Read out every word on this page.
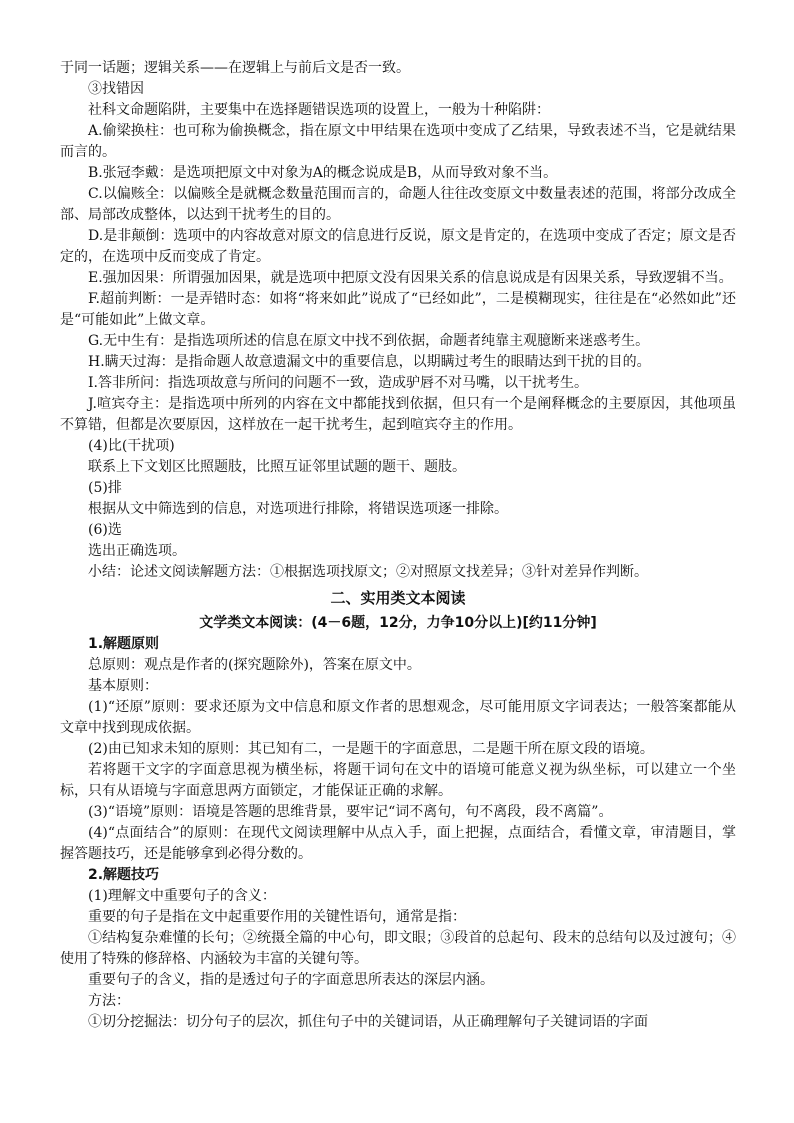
于同一话题；逻辑关系——在逻辑上与前后文是否一致。

③找错因

社科文命题陷阱，主要集中在选择题错误选项的设置上，一般为十种陷阱：

A.偷梁换柱：也可称为偷换概念，指在原文中甲结果在选项中变成了乙结果，导致表述不当，它是就结果而言的。

B.张冠李戴：是选项把原文中对象为A的概念说成是B，从而导致对象不当。

C.以偏赅全：以偏赅全是就概念数量范围而言的，命题人往往改变原文中数量表述的范围，将部分改成全部、局部改成整体，以达到干扰考生的目的。

D.是非颠倒：选项中的内容故意对原文的信息进行反说，原文是肯定的，在选项中变成了否定；原文是否定的，在选项中反而变成了肯定。

E.强加因果：所谓强加因果，就是选项中把原文没有因果关系的信息说成是有因果关系，导致逻辑不当。

F.超前判断：一是弄错时态：如将“将来如此”说成了“已经如此”，二是模糊现实，往往是在“必然如此”还是“可能如此”上做文章。

G.无中生有：是指选项所述的信息在原文中找不到依据，命题者纯靠主观臆断来迷惑考生。

H.瞒天过海：是指命题人故意遗漏文中的重要信息，以期瞒过考生的眼睛达到干扰的目的。

I.答非所问：指选项故意与所问的问题不一致，造成驴唇不对马嘴，以干扰考生。

J.喧宾夺主：是指选项中所列的内容在文中都能找到依据，但只有一个是阐释概念的主要原因，其他项虽不算错，但都是次要原因，这样放在一起干扰考生，起到喧宾夺主的作用。

(4)比(干扰项)

联系上下文划区比照题肢，比照互证邻里试题的题干、题肢。

(5)排

根据从文中筛选到的信息，对选项进行排除，将错误选项逐一排除。

(6)选

选出正确选项。

小结：论述文阅读解题方法：①根据选项找原文；②对照原文找差异；③针对差异作判断。

二、实用类文本阅读

文学类文本阅读：(4－6题，12分，力争10分以上)[约11分钟]

1.解题原则

总原则：观点是作者的(探究题除外)，答案在原文中。

基本原则：

(1)“还原”原则：要求还原为文中信息和原文作者的思想观念，尽可能用原文字词表达；一般答案都能从文章中找到现成依据。

(2)由已知求未知的原则：其已知有二，一是题干的字面意思，二是题干所在原文段的语境。

若将题干文字的字面意思视为横坐标，将题干词句在文中的语境可能意义视为纵坐标，可以建立一个坐标，只有从语境与字面意思两方面锁定，才能保证正确的求解。

(3)“语境”原则：语境是答题的思维背景，要牢记“词不离句，句不离段，段不离篇”。

(4)“点面结合”的原则：在现代文阅读理解中从点入手，面上把握，点面结合，看懂文章，审清题目，掌握答题技巧，还是能够拿到必得分数的。

2.解题技巧

(1)理解文中重要句子的含义：

重要的句子是指在文中起重要作用的关键性语句，通常是指：

①结构复杂难懂的长句；②统摄全篇的中心句，即文眼；③段首的总起句、段末的总结句以及过渡句；④使用了特殊的修辞格、内涵较为丰富的关键句等。

重要句子的含义，指的是透过句子的字面意思所表达的深层内涵。

方法：

①切分挖掘法：切分句子的层次，抓住句子中的关键词语，从正确理解句子关键词语的字面
